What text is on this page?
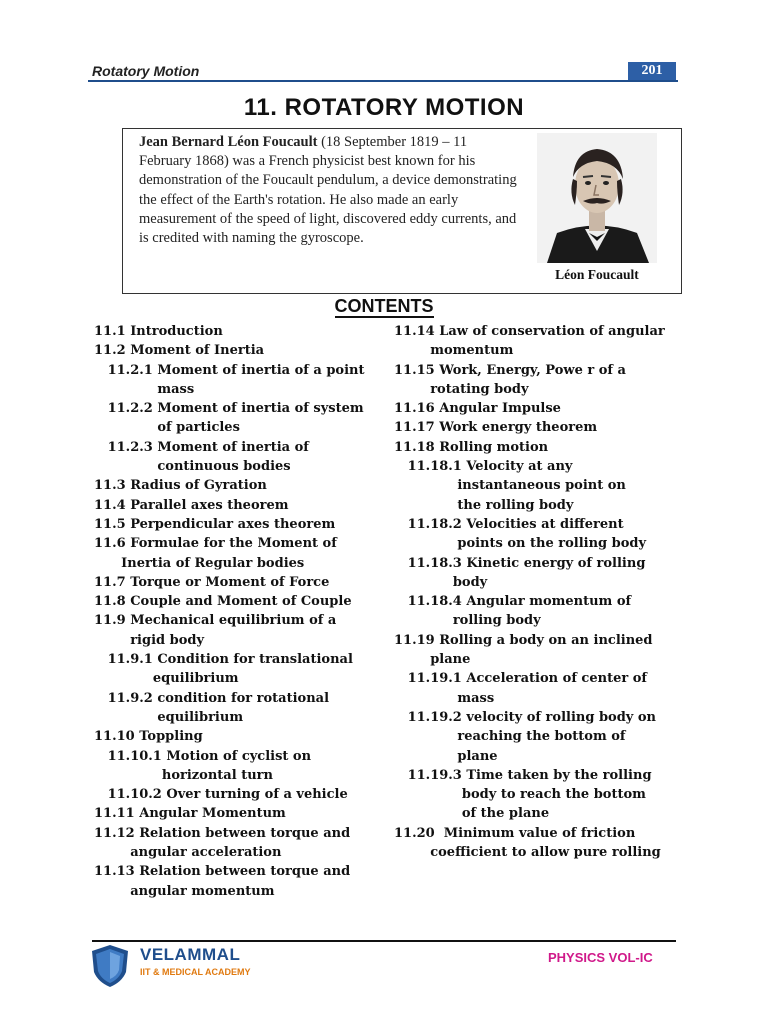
Rotatory Motion	201
11. ROTATORY MOTION
Jean Bernard Léon Foucault (18 September 1819 – 11 February 1868) was a French physicist best known for his demonstration of the Foucault pendulum, a device demonstrating the effect of the Earth's rotation. He also made an early measurement of the speed of light, discovered eddy currents, and is credited with naming the gyroscope.
Léon Foucault
CONTENTS
11.1 Introduction
11.2 Moment of Inertia
11.2.1 Moment of inertia of a point
mass
11.2.2 Moment of inertia of system
of particles
11.2.3 Moment of inertia of
continuous bodies
11.3 Radius of Gyration
11.4 Parallel axes theorem
11.5 Perpendicular axes theorem
11.6 Formulae for the Moment of
Inertia of Regular bodies
11.7 Torque or Moment of Force
11.8 Couple and Moment of Couple
11.9 Mechanical equilibrium of a
rigid body
11.9.1 Condition for translational
equilibrium
11.9.2 condition for rotational
equilibrium
11.10 Toppling
11.10.1 Motion of cyclist on
horizontal turn
11.10.2 Over turning of a vehicle
11.11 Angular Momentum
11.12 Relation between torque and
angular acceleration
11.13 Relation between torque and
angular momentum
11.14 Law of conservation of angular
momentum
11.15 Work, Energy, Powe r of a
rotating body
11.16 Angular Impulse
11.17 Work energy theorem
11.18 Rolling motion
11.18.1 Velocity at any
instantaneous point on
the rolling body
11.18.2 Velocities at different
points on the rolling body
11.18.3 Kinetic energy of rolling
body
11.18.4 Angular momentum of
rolling body
11.19 Rolling a body on an inclined
plane
11.19.1 Acceleration of center of
mass
11.19.2 velocity of rolling body on
reaching the bottom of
plane
11.19.3 Time taken by the rolling
body to reach the bottom
of the plane
11.20  Minimum value of friction
coefficient to allow pure rolling
VELAMMAL
IIT & MEDICAL ACADEMY
PHYSICS VOL-IC
